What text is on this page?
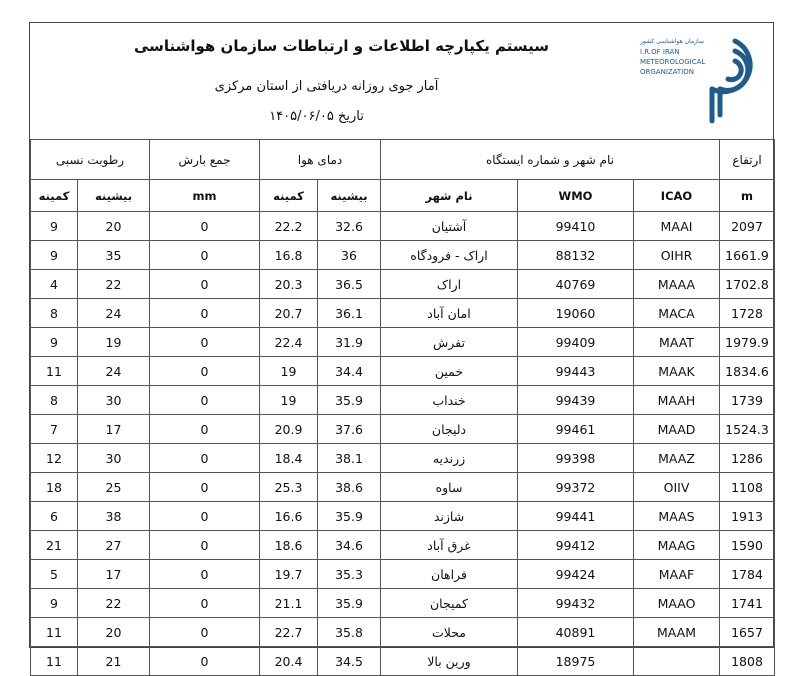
سیستم یکپارچه اطلاعات و ارتباطات سازمان هواشناسی
آمار جوی روزانه دریافتی از استان مرکزی
تاریخ ۱۴۰۵/۰۶/۰۵
سازمان هواشناسی کشور
I.R.OF IRAN
METEOROLOGICAL
ORGANIZATION
رطوبت نسبی		جمع بارش	دمای هوا		نام شهر و شماره ایستگاه			ارتفاع
کمینه	بیشینه	mm	کمینه	بیشینه	نام شهر	WMO	ICAO	m
9	20	0	22.2	32.6	آشتیان	99410	MAAI	2097
9	35	0	16.8	36	اراک - فرودگاه	88132	OIHR	1661.9
4	22	0	20.3	36.5	اراک	40769	MAAA	1702.8
8	24	0	20.7	36.1	امان آباد	19060	MACA	1728
9	19	0	22.4	31.9	تفرش	99409	MAAT	1979.9
11	24	0	19	34.4	خمین	99443	MAAK	1834.6
8	30	0	19	35.9	خنداب	99439	MAAH	1739
7	17	0	20.9	37.6	دلیجان	99461	MAAD	1524.3
12	30	0	18.4	38.1	زرندیه	99398	MAAZ	1286
18	25	0	25.3	38.6	ساوه	99372	OIIV	1108
6	38	0	16.6	35.9	شازند	99441	MAAS	1913
21	27	0	18.6	34.6	غرق آباد	99412	MAAG	1590
5	17	0	19.7	35.3	فراهان	99424	MAAF	1784
9	22	0	21.1	35.9	کمیجان	99432	MAAO	1741
11	20	0	22.7	35.8	محلات	40891	MAAM	1657
11	21	0	20.4	34.5	ورین بالا	18975		1808
